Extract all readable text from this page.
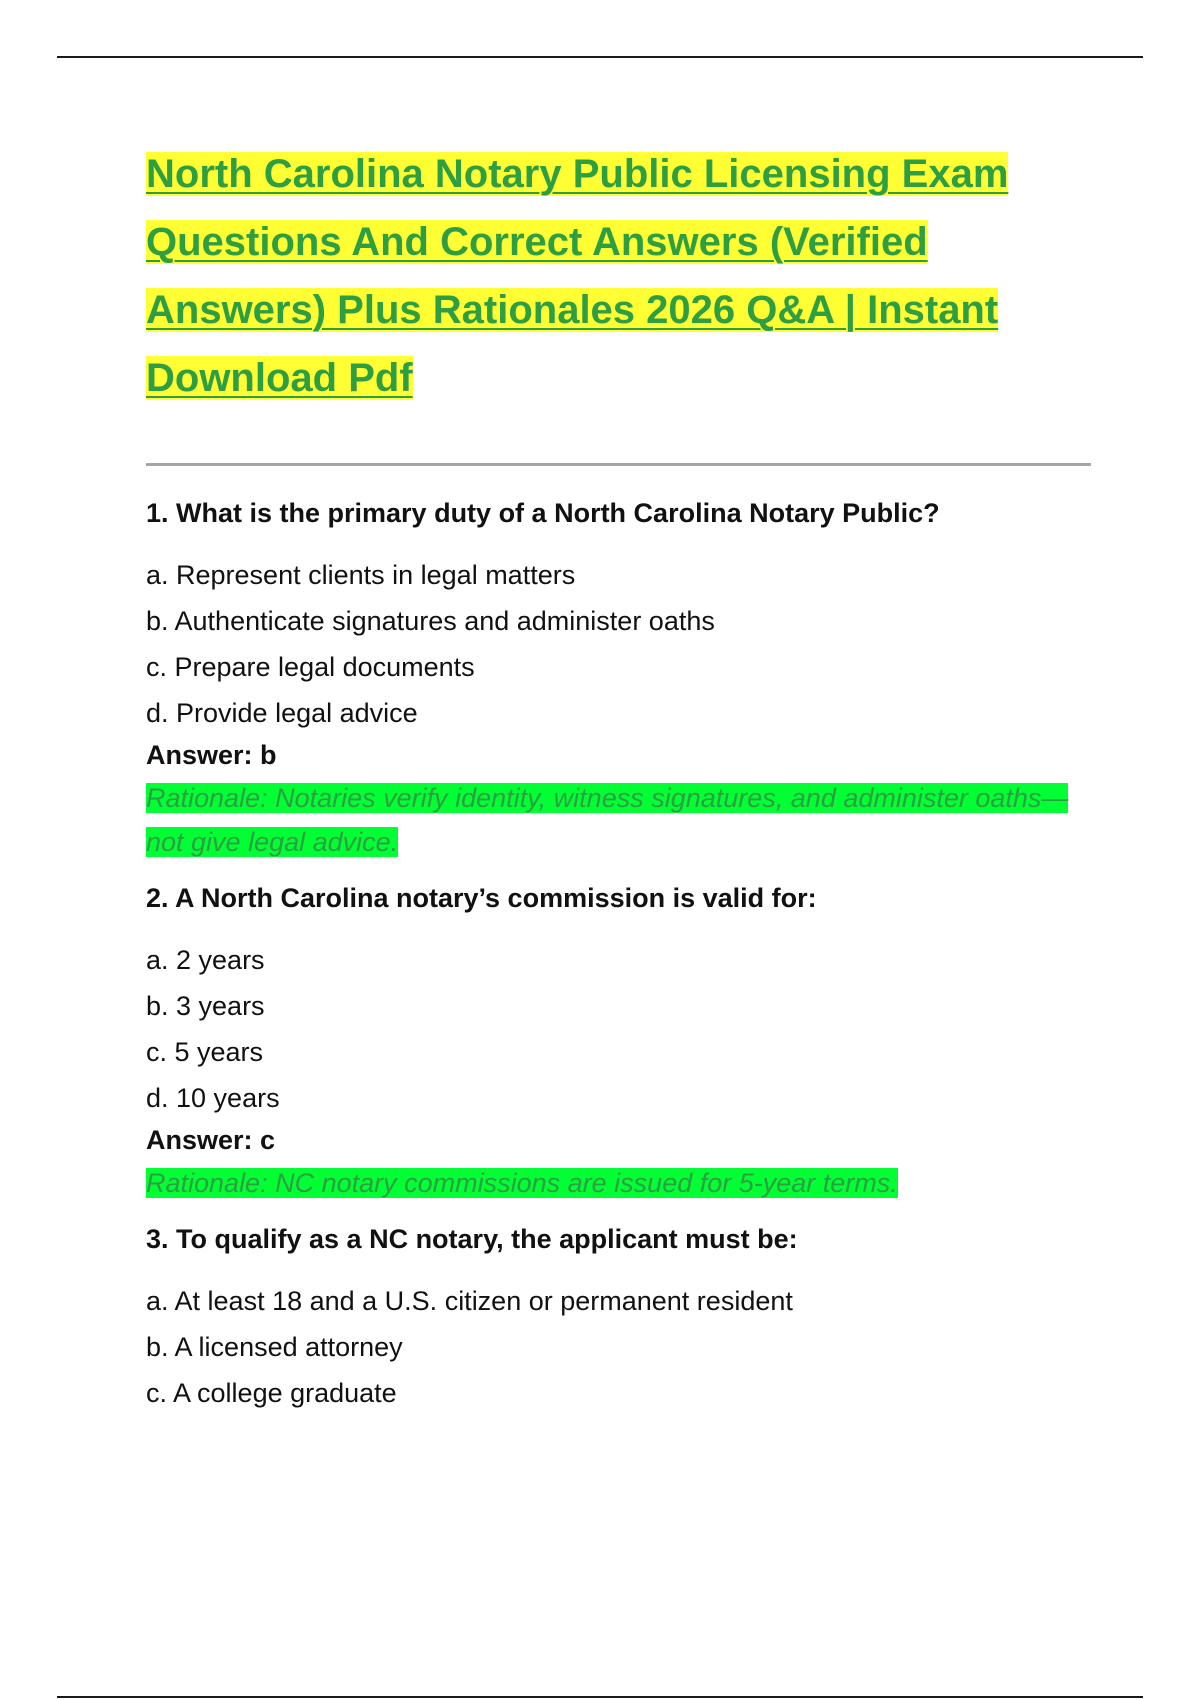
North Carolina Notary Public Licensing Exam Questions And Correct Answers (Verified Answers) Plus Rationales 2026 Q&A | Instant Download Pdf

1. What is the primary duty of a North Carolina Notary Public?

a. Represent clients in legal matters
b. Authenticate signatures and administer oaths
c. Prepare legal documents
d. Provide legal advice

Answer: b

Rationale: Notaries verify identity, witness signatures, and administer oaths—not give legal advice.

2. A North Carolina notary’s commission is valid for:

a. 2 years
b. 3 years
c. 5 years
d. 10 years

Answer: c

Rationale: NC notary commissions are issued for 5-year terms.

3. To qualify as a NC notary, the applicant must be:

a. At least 18 and a U.S. citizen or permanent resident
b. A licensed attorney
c. A college graduate
